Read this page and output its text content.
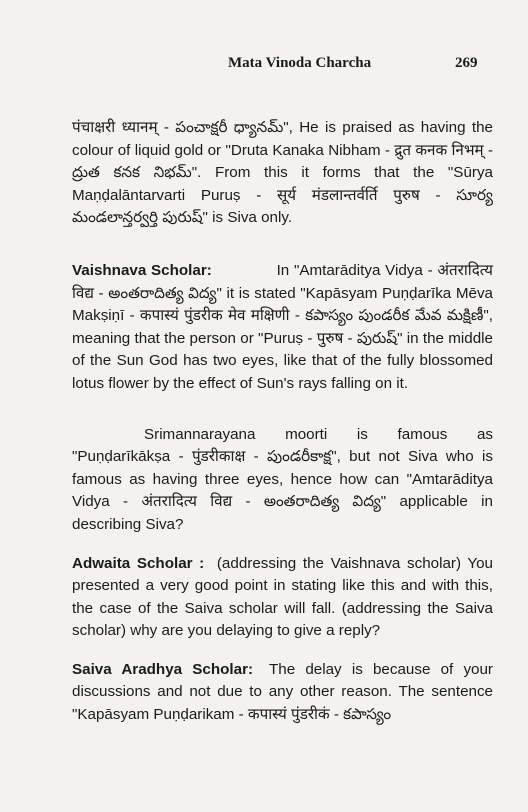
Mata Vinoda Charcha	269

पंचाक्षरी ध्यानम् - పంచాక్షరీ ధ్యానమ్", He is praised as having the colour of liquid gold or "Druta Kanaka Nibham - द्रुत कनक निभम् - ద్రుత కనక నిభమ్". From this it forms that the "Sūrya Maṇḍalāntarvarti Puruṣ - सूर्य मंडलान्तर्वर्ति पुरुष - సూర్య మండలాన్తర్వర్తి పురుష్" is Siva only.

Vaishnava Scholar:	In "Amtarāditya Vidya - अंतरादित्य विद्य - అంతరాదిత్య విద్య" it is stated "Kapāsyam Puṇḍarīka Mēva Makṣiṇī - कपास्यं पुंडरीक मेव मक्षिणी - కపాస్యం పుండరీక మేవ మక్షిణీ", meaning that the person or "Puruṣ - पुरुष - పురుష్" in the middle of the Sun God has two eyes, like that of the fully blossomed lotus flower by the effect of Sun's rays falling on it.

Srimannarayana moorti is famous as "Puṇḍarīkākṣa - पुंडरीकाक्ष - పుండరీకాక్ష", but not Siva who is famous as having three eyes, hence how can "Amtarāditya Vidya - अंतरादित्य विद्य - అంతరాదిత్య విద్య" applicable in describing Siva?

Adwaita Scholar : (addressing the Vaishnava scholar) You presented a very good point in stating like this and with this, the case of the Saiva scholar will fall. (addressing the Saiva scholar) why are you delaying to give a reply?

Saiva Aradhya Scholar: The delay is because of your discussions and not due to any other reason. The sentence "Kapāsyam Puṇḍarikam - कपास्यं पुंडरीकं - కపాస్యం
